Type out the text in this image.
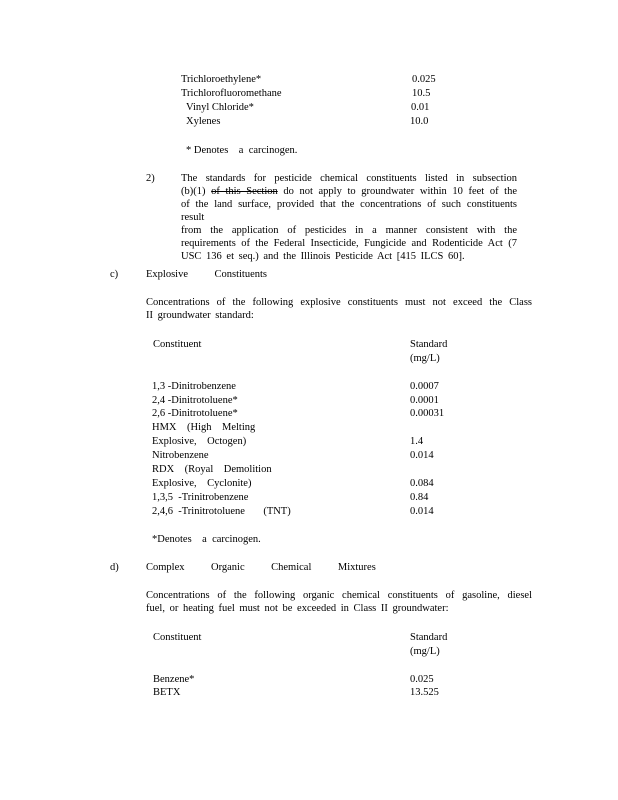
Trichloroethylene*	0.025
Trichlorofluoromethane	10.5
Vinyl Chloride*	0.01
Xylenes	10.0
* Denotes    a  carcinogen.
2)	The standards for pesticide chemical constituents listed in subsection
(b)(1) of this Section do not apply to groundwater within 10 feet of the
of the land surface, provided that the concentrations of such constituents result
from the application of pesticides in a manner consistent with the
requirements of the Federal Insecticide, Fungicide and Rodenticide Act (7
USC 136 et seq.) and the Illinois Pesticide Act [415 ILCS 60].
c)	Explosive    Constituents
Concentrations of the following explosive constituents must not exceed the Class
II groundwater standard:
Constituent	Standard
(mg/L)
1,3 -Dinitrobenzene	0.0007
2,4 -Dinitrotoluene*	0.0001
2,6 -Dinitrotoluene*	0.00031
HMX    (High    Melting
Explosive,    Octogen)	1.4
Nitrobenzene	0.014
RDX    (Royal    Demolition
Explosive,    Cyclonite)	0.084
1,3,5  -Trinitrobenzene	0.84
2,4,6  -Trinitrotoluene       (TNT)	0.014
*Denotes    a  carcinogen.
d)	Complex    Organic    Chemical    Mixtures
Concentrations of the following organic chemical constituents of gasoline, diesel
fuel, or heating fuel must not be exceeded in Class II groundwater:
Constituent	Standard
(mg/L)
Benzene*	0.025
BETX	13.525
